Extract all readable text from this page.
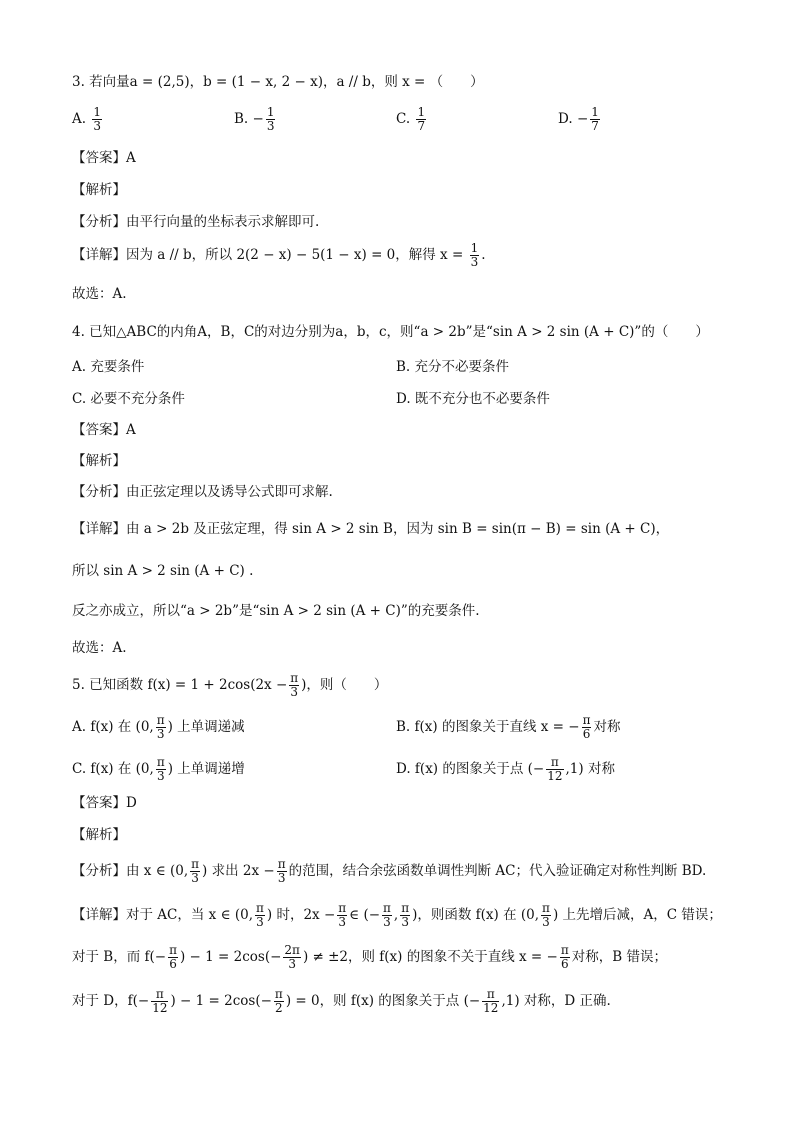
3. 若向量a = (2,5)，b = (1 − x, 2 − x)，a // b，则 x = （　　）
A. $\frac{1}{3}$	B. − $\frac{1}{3}$	C. $\frac{1}{7}$	D. − $\frac{1}{7}$
【答案】A
【解析】
【分析】由平行向量的坐标表示求解即可.
【详解】因为 a // b，所以 2(2 − x) − 5(1 − x) = 0，解得 $x = \frac{1}{3}$ .
故选：A.
4. 已知△ABC的内角A，B，C的对边分别为a，b，c，则“a > 2b”是“sin A > 2 sin (A + C)”的（　　）
A. 充要条件	B. 充分不必要条件
C. 必要不充分条件	D. 既不充分也不必要条件
【答案】A
【解析】
【分析】由正弦定理以及诱导公式即可求解.
【详解】由 a > 2b 及正弦定理，得 sin A > 2 sin B，因为 sin B = sin(π − B) = sin (A + C)，
所以 sin A > 2 sin (A + C) .
反之亦成立，所以“a > 2b”是“sin A > 2 sin (A + C)”的充要条件.
故选：A.
5. 已知函数 $f(x) = 1 + 2\cos(2x - \frac{\pi}{3}$ )，则（　　）
A. f(x) 在 (0, $\frac{\pi}{3}$ ) 上单调递减	B. f(x) 的图象关于直线 x = − $\frac{\pi}{6}$ 对称
C. f(x) 在 (0, $\frac{\pi}{3}$ ) 上单调递增	D. f(x) 的图象关于点 (− $\frac{\pi}{12} ,1$) 对称
【答案】D
【解析】
【分析】由 x ∈ (0, $\frac{\pi}{3}$ ) 求出 $2x - \frac{\pi}{3}$ 的范围，结合余弦函数单调性判断 AC；代入验证确定对称性判断 BD.
【详解】对于 AC，当 x ∈ (0, $\frac{\pi}{3}$ ) 时，$2x - \frac{\pi}{3}$ ∈ (− $\frac{\pi}{3}$ , $\frac{\pi}{3}$ )，则函数 f(x) 在 (0, $\frac{\pi}{3}$ ) 上先增后减，A，C 错误；
对于 B，而 $f(- \frac{\pi}{6}$ ) − $1 = 2\cos(- \frac{2\pi}{3}$ ) ≠ ±2，则 f(x) 的图象不关于直线 x = − $\frac{\pi}{6}$ 对称，B 错误；
对于 D，$f(- \frac{\pi}{12}$ ) − $1 = 2\cos(- \frac{\pi}{2}$ ) = 0，则 f(x) 的图象关于点 (− $\frac{\pi}{12} ,1$) 对称，D 正确.
